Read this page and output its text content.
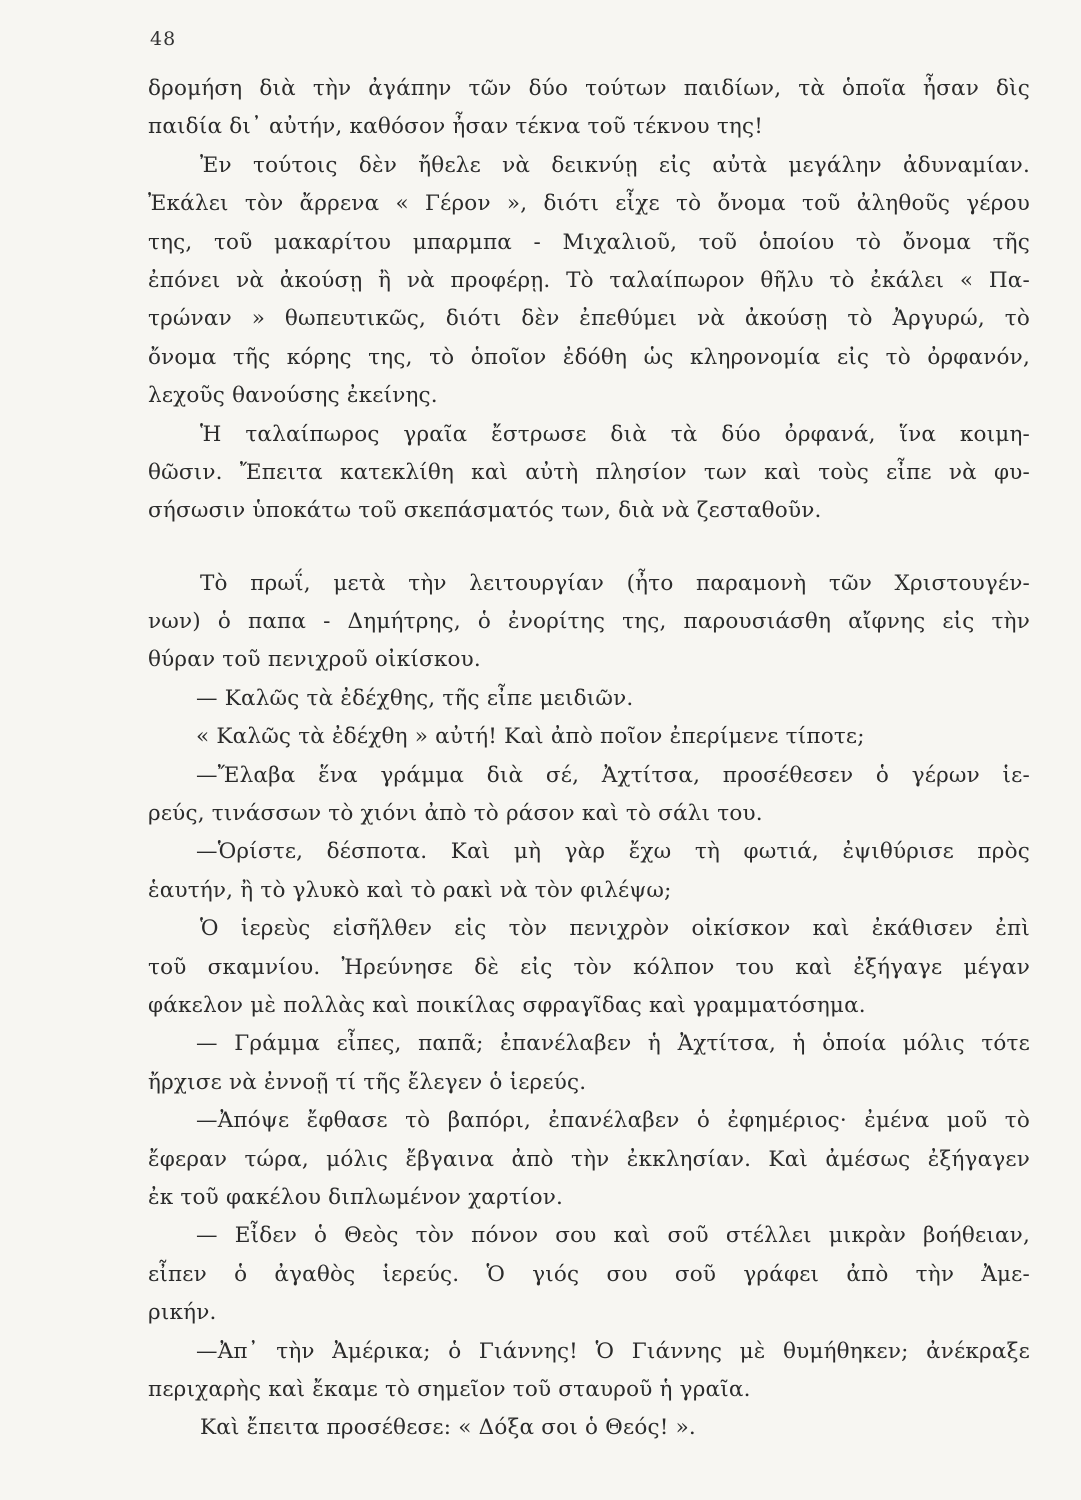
48
δρομήση διὰ τὴν ἀγάπην τῶν δύο τούτων παιδίων, τὰ ὁποῖα ἦσαν δὶς
παιδία δι᾽ αὐτήν, καθόσον ἦσαν τέκνα τοῦ τέκνου της!
Ἐν τούτοις δὲν ἤθελε νὰ δεικνύῃ εἰς αὐτὰ μεγάλην ἀδυναμίαν.
Ἐκάλει τὸν ἄρρενα « Γέρον », διότι εἶχε τὸ ὄνομα τοῦ ἀληθοῦς γέρου
της, τοῦ μακαρίτου μπαρμπα - Μιχαλιοῦ, τοῦ ὁποίου τὸ ὄνομα τῆς
ἐπόνει νὰ ἀκούσῃ ἢ νὰ προφέρῃ. Τὸ ταλαίπωρον θῆλυ τὸ ἐκάλει « Πα-
τρώναν » θωπευτικῶς, διότι δὲν ἐπεθύμει νὰ ἀκούσῃ τὸ Ἀργυρώ, τὸ
ὄνομα τῆς κόρης της, τὸ ὁποῖον ἐδόθη ὡς κληρονομία εἰς τὸ ὀρφανόν,
λεχοῦς θανούσης ἐκείνης.
Ἡ ταλαίπωρος γραῖα ἔστρωσε διὰ τὰ δύο ὀρφανά, ἵνα κοιμη-
θῶσιν. Ἔπειτα κατεκλίθη καὶ αὐτὴ πλησίον των καὶ τοὺς εἶπε νὰ φυ-
σήσωσιν ὑποκάτω τοῦ σκεπάσματός των, διὰ νὰ ζεσταθοῦν.
Τὸ πρωΐ, μετὰ τὴν λειτουργίαν (ἦτο παραμονὴ τῶν Χριστουγέν-
νων) ὁ παπα - Δημήτρης, ὁ ἐνορίτης της, παρουσιάσθη αἴφνης εἰς τὴν
θύραν τοῦ πενιχροῦ οἰκίσκου.
— Καλῶς τὰ ἐδέχθης, τῆς εἶπε μειδιῶν.
« Καλῶς τὰ ἐδέχθη » αὐτή! Καὶ ἀπὸ ποῖον ἐπερίμενε τίποτε;
—Ἔλαβα ἕνα γράμμα διὰ σέ, Ἀχτίτσα, προσέθεσεν ὁ γέρων ἱε-
ρεύς, τινάσσων τὸ χιόνι ἀπὸ τὸ ράσον καὶ τὸ σάλι του.
—Ὁρίστε, δέσποτα. Καὶ μὴ γὰρ ἔχω τὴ φωτιά, ἐψιθύρισε πρὸς
ἑαυτήν, ἢ τὸ γλυκὸ καὶ τὸ ρακὶ νὰ τὸν φιλέψω;
Ὁ ἱερεὺς εἰσῆλθεν εἰς τὸν πενιχρὸν οἰκίσκον καὶ ἐκάθισεν ἐπὶ
τοῦ σκαμνίου. Ἠρεύνησε δὲ εἰς τὸν κόλπον του καὶ ἐξήγαγε μέγαν
φάκελον μὲ πολλὰς καὶ ποικίλας σφραγῖδας καὶ γραμματόσημα.
— Γράμμα εἶπες, παπᾶ; ἐπανέλαβεν ἡ Ἀχτίτσα, ἡ ὁποία μόλις τότε
ἤρχισε νὰ ἐννοῇ τί τῆς ἔλεγεν ὁ ἱερεύς.
—Ἀπόψε ἔφθασε τὸ βαπόρι, ἐπανέλαβεν ὁ ἐφημέριος· ἐμένα μοῦ τὸ
ἔφεραν τώρα, μόλις ἔβγαινα ἀπὸ τὴν ἐκκλησίαν. Καὶ ἀμέσως ἐξήγαγεν
ἐκ τοῦ φακέλου διπλωμένον χαρτίον.
— Εἶδεν ὁ Θεὸς τὸν πόνον σου καὶ σοῦ στέλλει μικρὰν βοήθειαν,
εἶπεν ὁ ἀγαθὸς ἱερεύς. Ὁ γιός σου σοῦ γράφει ἀπὸ τὴν Ἀμε-
ρικήν.
—Ἀπ᾽ τὴν Ἀμέρικα; ὁ Γιάννης! Ὁ Γιάννης μὲ θυμήθηκεν; ἀνέκραξε
περιχαρὴς καὶ ἔκαμε τὸ σημεῖον τοῦ σταυροῦ ἡ γραῖα.
Καὶ ἔπειτα προσέθεσε: « Δόξα σοι ὁ Θεός! ».
